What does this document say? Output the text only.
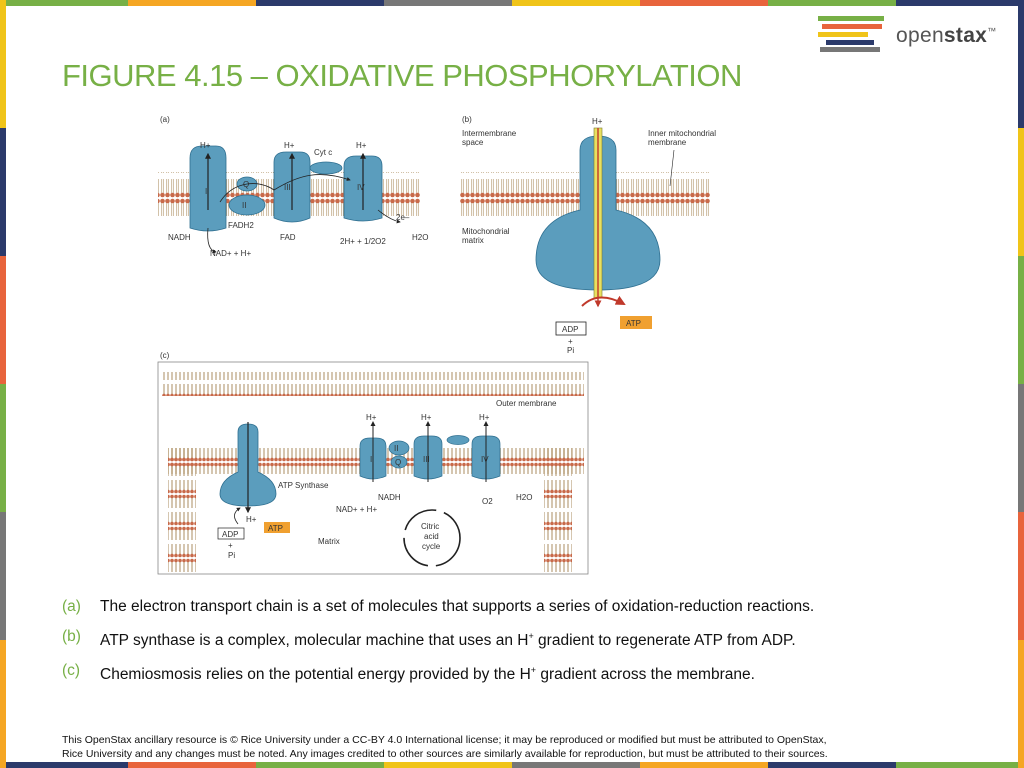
openstax™
FIGURE 4.15 – OXIDATIVE PHOSPHORYLATION
(a)
I
Q
II
III
Cyt c
IV
H+	H+	H+
NADH
NAD+ + H+
FADH2
FAD
2e–
2H+ + 1/2O2	H2O
(b)	H+
Intermembrane
space
Inner mitochondrial
membrane
Mitochondrial
matrix
ADP
+
Pi
ATP
(c)
Outer membrane
ATP Synthase
H+
ADP
ATP
+
Pi
Matrix
I
II
Q	III	IV
H+	H+	H+
NADH
NAD+ + H+
O2	H2O
Citric
acid
cycle
(a)	The electron transport chain is a set of molecules that supports a series of oxidation-reduction reactions.
(b)	ATP synthase is a complex, molecular machine that uses an H+ gradient to regenerate ATP from ADP.
(c)	Chemiosmosis relies on the potential energy provided by the H+ gradient across the membrane.
This OpenStax ancillary resource is © Rice University under a CC-BY 4.0 International license; it may be reproduced or modified but must be attributed to OpenStax,
Rice University and any changes must be noted. Any images credited to other sources are similarly available for reproduction, but must be attributed to their sources.
